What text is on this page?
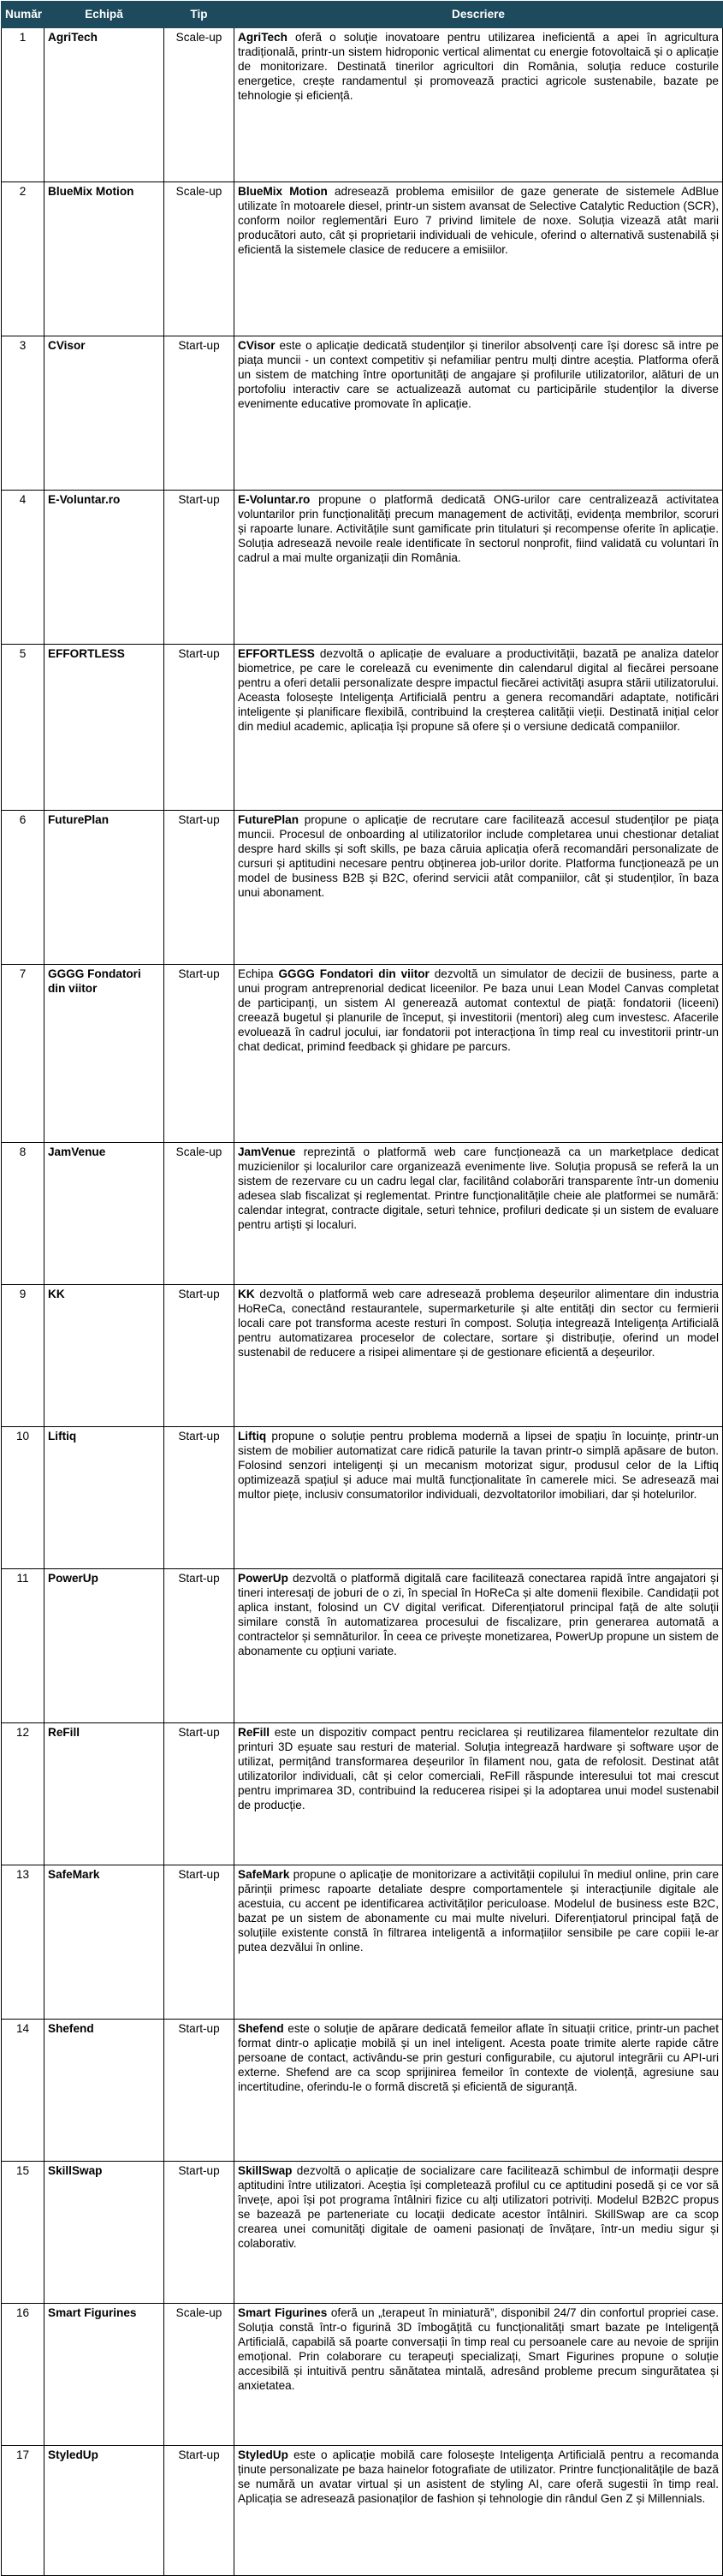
Număr	Echipă	Tip	Descriere
1	AgriTech	Scale-up	AgriTech oferă o soluție inovatoare pentru utilizarea ineficientă a apei în agricultura tradițională, printr-un sistem hidroponic vertical alimentat cu energie fotovoltaică și o aplicație de monitorizare. Destinată tinerilor agricultori din România, soluția reduce costurile energetice, crește randamentul și promovează practici agricole sustenabile, bazate pe tehnologie și eficiență.
2	BlueMix Motion	Scale-up	BlueMix Motion adresează problema emisiilor de gaze generate de sistemele AdBlue utilizate în motoarele diesel, printr-un sistem avansat de Selective Catalytic Reduction (SCR), conform noilor reglementări Euro 7 privind limitele de noxe. Soluția vizează atât marii producători auto, cât și proprietarii individuali de vehicule, oferind o alternativă sustenabilă și eficientă la sistemele clasice de reducere a emisiilor.
3	CVisor	Start-up	CVisor este o aplicație dedicată studenților și tinerilor absolvenți care își doresc să intre pe piața muncii - un context competitiv și nefamiliar pentru mulți dintre aceștia. Platforma oferă un sistem de matching între oportunități de angajare și profilurile utilizatorilor, alături de un portofoliu interactiv care se actualizează automat cu participările studenților la diverse evenimente educative promovate în aplicație.
4	E-Voluntar.ro	Start-up	E-Voluntar.ro propune o platformă dedicată ONG-urilor care centralizează activitatea voluntarilor prin funcționalități precum management de activități, evidența membrilor, scoruri și rapoarte lunare. Activitățile sunt gamificate prin titulaturi și recompense oferite în aplicație. Soluția adresează nevoile reale identificate în sectorul nonprofit, fiind validată cu voluntari în cadrul a mai multe organizații din România.
5	EFFORTLESS	Start-up	EFFORTLESS dezvoltă o aplicație de evaluare a productivității, bazată pe analiza datelor biometrice, pe care le corelează cu evenimente din calendarul digital al fiecărei persoane pentru a oferi detalii personalizate despre impactul fiecărei activități asupra stării utilizatorului. Aceasta folosește Inteligența Artificială pentru a genera recomandări adaptate, notificări inteligente și planificare flexibilă, contribuind la creșterea calității vieții. Destinată inițial celor din mediul academic, aplicația își propune să ofere și o versiune dedicată companiilor.
6	FuturePlan	Start-up	FuturePlan propune o aplicație de recrutare care facilitează accesul studenților pe piața muncii. Procesul de onboarding al utilizatorilor include completarea unui chestionar detaliat despre hard skills și soft skills, pe baza căruia aplicația oferă recomandări personalizate de cursuri și aptitudini necesare pentru obținerea job-urilor dorite. Platforma funcționează pe un model de business B2B și B2C, oferind servicii atât companiilor, cât și studenților, în baza unui abonament.
7	GGGG Fondatori din viitor	Start-up	Echipa GGGG Fondatori din viitor dezvoltă un simulator de decizii de business, parte a unui program antreprenorial dedicat liceenilor. Pe baza unui Lean Model Canvas completat de participanți, un sistem AI generează automat contextul de piață: fondatorii (liceeni) creează bugetul și planurile de început, și investitorii (mentori) aleg cum investesc. Afacerile evoluează în cadrul jocului, iar fondatorii pot interacționa în timp real cu investitorii printr-un chat dedicat, primind feedback și ghidare pe parcurs.
8	JamVenue	Scale-up	JamVenue reprezintă o platformă web care funcționează ca un marketplace dedicat muzicienilor și localurilor care organizează evenimente live. Soluția propusă se referă la un sistem de rezervare cu un cadru legal clar, facilitând colaborări transparente într-un domeniu adesea slab fiscalizat și reglementat. Printre funcționalitățile cheie ale platformei se numără: calendar integrat, contracte digitale, seturi tehnice, profiluri dedicate și un sistem de evaluare pentru artiști și localuri.
9	KK	Start-up	KK dezvoltă o platformă web care adresează problema deșeurilor alimentare din industria HoReCa, conectând restaurantele, supermarketurile și alte entități din sector cu fermierii locali care pot transforma aceste resturi în compost. Soluția integrează Inteligența Artificială pentru automatizarea proceselor de colectare, sortare și distribuție, oferind un model sustenabil de reducere a risipei alimentare și de gestionare eficientă a deșeurilor.
10	Liftiq	Start-up	Liftiq propune o soluție pentru problema modernă a lipsei de spațiu în locuințe, printr-un sistem de mobilier automatizat care ridică paturile la tavan printr-o simplă apăsare de buton. Folosind senzori inteligenți și un mecanism motorizat sigur, produsul celor de la Liftiq optimizează spațiul și aduce mai multă funcționalitate în camerele mici. Se adresează mai multor piețe, inclusiv consumatorilor individuali, dezvoltatorilor imobiliari, dar și hotelurilor.
11	PowerUp	Start-up	PowerUp dezvoltă o platformă digitală care facilitează conectarea rapidă între angajatori și tineri interesați de joburi de o zi, în special în HoReCa și alte domenii flexibile. Candidații pot aplica instant, folosind un CV digital verificat. Diferențiatorul principal față de alte soluții similare constă în automatizarea procesului de fiscalizare, prin generarea automată a contractelor și semnăturilor. În ceea ce privește monetizarea, PowerUp propune un sistem de abonamente cu opțiuni variate.
12	ReFill	Start-up	ReFill este un dispozitiv compact pentru reciclarea și reutilizarea filamentelor rezultate din printuri 3D eșuate sau resturi de material. Soluția integrează hardware și software ușor de utilizat, permițând transformarea deșeurilor în filament nou, gata de refolosit. Destinat atât utilizatorilor individuali, cât și celor comerciali, ReFill răspunde interesului tot mai crescut pentru imprimarea 3D, contribuind la reducerea risipei și la adoptarea unui model sustenabil de producție.
13	SafeMark	Start-up	SafeMark propune o aplicație de monitorizare a activității copilului în mediul online, prin care părinții primesc rapoarte detaliate despre comportamentele și interacțiunile digitale ale acestuia, cu accent pe identificarea activităților periculoase. Modelul de business este B2C, bazat pe un sistem de abonamente cu mai multe niveluri. Diferențiatorul principal față de soluțiile existente constă în filtrarea inteligentă a informațiilor sensibile pe care copiii le-ar putea dezvălui în online.
14	Shefend	Start-up	Shefend este o soluție de apărare dedicată femeilor aflate în situații critice, printr-un pachet format dintr-o aplicație mobilă și un inel inteligent. Acesta poate trimite alerte rapide către persoane de contact, activându-se prin gesturi configurabile, cu ajutorul integrării cu API-uri externe. Shefend are ca scop sprijinirea femeilor în contexte de violență, agresiune sau incertitudine, oferindu-le o formă discretă și eficientă de siguranță.
15	SkillSwap	Start-up	SkillSwap dezvoltă o aplicație de socializare care facilitează schimbul de informații despre aptitudini între utilizatori. Aceștia își completează profilul cu ce aptitudini posedă și ce vor să învețe, apoi își pot programa întâlniri fizice cu alți utilizatori potriviți. Modelul B2B2C propus se bazează pe parteneriate cu locații dedicate acestor întâlniri. SkillSwap are ca scop crearea unei comunități digitale de oameni pasionați de învățare, într-un mediu sigur și colaborativ.
16	Smart Figurines	Scale-up	Smart Figurines oferă un „terapeut în miniatură”, disponibil 24/7 din confortul propriei case. Soluția constă într-o figurină 3D îmbogățită cu funcționalități smart bazate pe Inteligență Artificială, capabilă să poarte conversații în timp real cu persoanele care au nevoie de sprijin emoțional. Prin colaborare cu terapeuți specializați, Smart Figurines propune o soluție accesibilă și intuitivă pentru sănătatea mintală, adresând probleme precum singurătatea și anxietatea.
17	StyledUp	Start-up	StyledUp este o aplicație mobilă care folosește Inteligența Artificială pentru a recomanda ținute personalizate pe baza hainelor fotografiate de utilizator. Printre funcționalitățile de bază se numără un avatar virtual și un asistent de styling AI, care oferă sugestii în timp real. Aplicația se adresează pasionaților de fashion și tehnologie din rândul Gen Z și Millennials.
